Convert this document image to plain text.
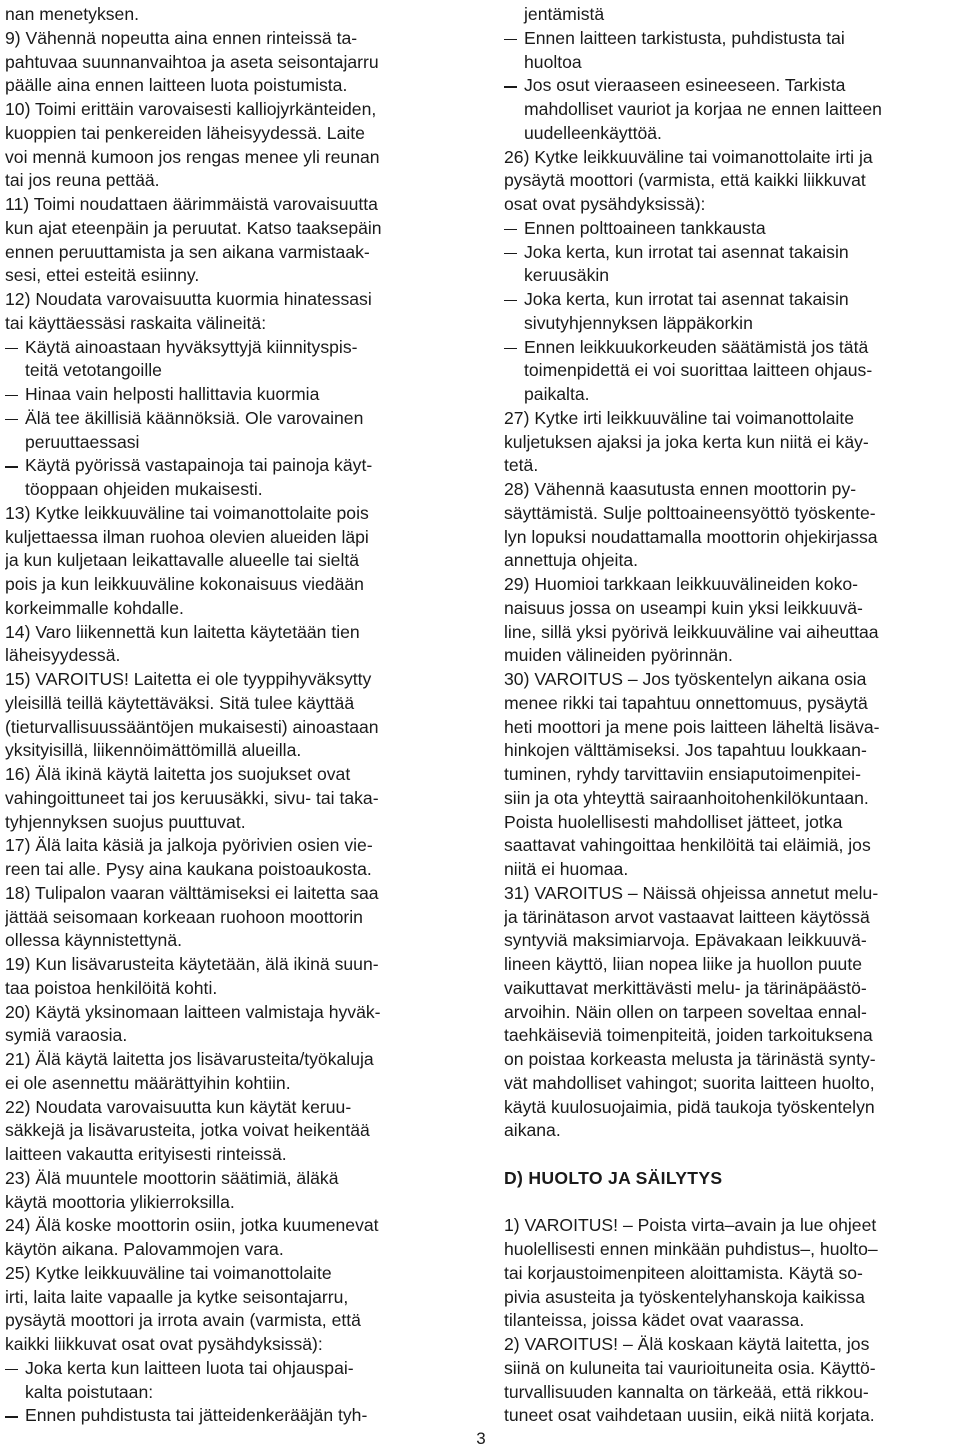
nan menetyksen.
9) Vähennä nopeutta aina ennen rinteissä ta-
pahtuvaa suunnanvaihtoa ja aseta seisontajarru
päälle aina ennen laitteen luota poistumista.
10) Toimi erittäin varovaisesti kalliojyrkänteiden,
kuoppien tai penkereiden läheisyydessä. Laite
voi mennä kumoon jos rengas menee yli reunan
tai jos reuna pettää.
11) Toimi noudattaen äärimmäistä varovaisuutta
kun ajat eteenpäin ja peruutat. Katso taaksepäin
ennen peruuttamista ja sen aikana varmistaak-
sesi, ettei esteitä esiinny.
12) Noudata varovaisuutta kuormia hinatessasi
tai käyttäessäsi raskaita välineitä:
Käytä ainoastaan hyväksyttyjä kiinnityspis-
teitä vetotangoille
Hinaa vain helposti hallittavia kuormia
Älä tee äkillisiä käännöksiä. Ole varovainen
peruuttaessasi
Käytä pyörissä vastapainoja tai painoja käyt-
töoppaan ohjeiden mukaisesti.
13) Kytke leikkuuväline tai voimanottolaite pois
kuljettaessa ilman ruohoa olevien alueiden läpi
ja kun kuljetaan leikattavalle alueelle tai sieltä
pois ja kun leikkuuväline kokonaisuus viedään
korkeimmalle kohdalle.
14) Varo liikennettä kun laitetta käytetään tien
läheisyydessä.
15) VAROITUS! Laitetta ei ole tyyppihyväksytty
yleisillä teillä käytettäväksi. Sitä tulee käyttää
(tieturvallisuussääntöjen mukaisesti) ainoastaan
yksityisillä, liikennöimättömillä alueilla.
16) Älä ikinä käytä laitetta jos suojukset ovat
vahingoittuneet tai jos keruusäkki, sivu- tai taka-
tyhjennyksen suojus puuttuvat.
17) Älä laita käsiä ja jalkoja pyörivien osien vie-
reen tai alle. Pysy aina kaukana poistoaukosta.
18) Tulipalon vaaran välttämiseksi ei laitetta saa
jättää seisomaan korkeaan ruohoon moottorin
ollessa käynnistettynä.
19) Kun lisävarusteita käytetään, älä ikinä suun-
taa poistoa henkilöitä kohti.
20) Käytä yksinomaan laitteen valmistaja hyväk-
symiä varaosia.
21) Älä käytä laitetta jos lisävarusteita/työkaluja
ei ole asennettu määrättyihin kohtiin.
22) Noudata varovaisuutta kun käytät keruu-
säkkejä ja lisävarusteita, jotka voivat heikentää
laitteen vakautta erityisesti rinteissä.
23) Älä muuntele moottorin säätimiä, äläkä
käytä moottoria ylikierroksilla.
24) Älä koske moottorin osiin, jotka kuumenevat
käytön aikana. Palovammojen vara.
25) Kytke leikkuuväline tai voimanottolaite
irti, laita laite vapaalle ja kytke seisontajarru,
pysäytä moottori ja irrota avain (varmista, että
kaikki liikkuvat osat ovat pysähdyksissä):
Joka kerta kun laitteen luota tai ohjauspai-
kalta poistutaan:
Ennen puhdistusta tai jätteidenkerääjän tyh-
jentämistä
Ennen laitteen tarkistusta, puhdistusta tai
huoltoa
Jos osut vieraaseen esineeseen. Tarkista
mahdolliset vauriot ja korjaa ne ennen laitteen
uudelleenkäyttöä.
26) Kytke leikkuuväline tai voimanottolaite irti ja
pysäytä moottori (varmista, että kaikki liikkuvat
osat ovat pysähdyksissä):
Ennen polttoaineen tankkausta
Joka kerta, kun irrotat tai asennat takaisin
keruusäkin
Joka kerta, kun irrotat tai asennat takaisin
sivutyhjennyksen läppäkorkin
Ennen leikkuukorkeuden säätämistä jos tätä
toimenpidettä ei voi suorittaa laitteen ohjaus-
paikalta.
27) Kytke irti leikkuuväline tai voimanottolaite
kuljetuksen ajaksi ja joka kerta kun niitä ei käy-
tetä.
28) Vähennä kaasutusta ennen moottorin py-
säyttämistä. Sulje polttoaineensyöttö työskente-
lyn lopuksi noudattamalla moottorin ohjekirjassa
annettuja ohjeita.
29) Huomioi tarkkaan leikkuuvälineiden koko-
naisuus jossa on useampi kuin yksi leikkuuvä-
line, sillä yksi pyörivä leikkuuväline vai aiheuttaa
muiden välineiden pyörinnän.
30) VAROITUS – Jos työskentelyn aikana osia
menee rikki tai tapahtuu onnettomuus, pysäytä
heti moottori ja mene pois laitteen läheltä lisäva-
hinkojen välttämiseksi. Jos tapahtuu loukkaan-
tuminen, ryhdy tarvittaviin ensiaputoimenpitei-
siin ja ota yhteyttä sairaanhoitohenkilökuntaan.
Poista huolellisesti mahdolliset jätteet, jotka
saattavat vahingoittaa henkilöitä tai eläimiä, jos
niitä ei huomaa.
31) VAROITUS – Näissä ohjeissa annetut melu-
ja tärinätason arvot vastaavat laitteen käytössä
syntyviä maksimiarvoja. Epävakaan leikkuuvä-
lineen käyttö, liian nopea liike ja huollon puute
vaikuttavat merkittävästi melu- ja tärinäpäästö-
arvoihin. Näin ollen on tarpeen soveltaa ennal-
taehkäiseviä toimenpiteitä, joiden tarkoituksena
on poistaa korkeasta melusta ja tärinästä synty-
vät mahdolliset vahingot; suorita laitteen huolto,
käytä kuulosuojaimia, pidä taukoja työskentelyn
aikana.
D) HUOLTO JA SÄILYTYS
1) VAROITUS! – Poista virta–avain ja lue ohjeet
huolellisesti ennen minkään puhdistus–, huolto–
tai korjaustoimenpiteen aloittamista. Käytä so-
pivia asusteita ja työskentelyhanskoja kaikissa
tilanteissa, joissa kädet ovat vaarassa.
2) VAROITUS! – Älä koskaan käytä laitetta, jos
siinä on kuluneita tai vaurioituneita osia. Käyttö-
turvallisuuden kannalta on tärkeää, että rikkou-
tuneet osat vaihdetaan uusiin, eikä niitä korjata.
3
